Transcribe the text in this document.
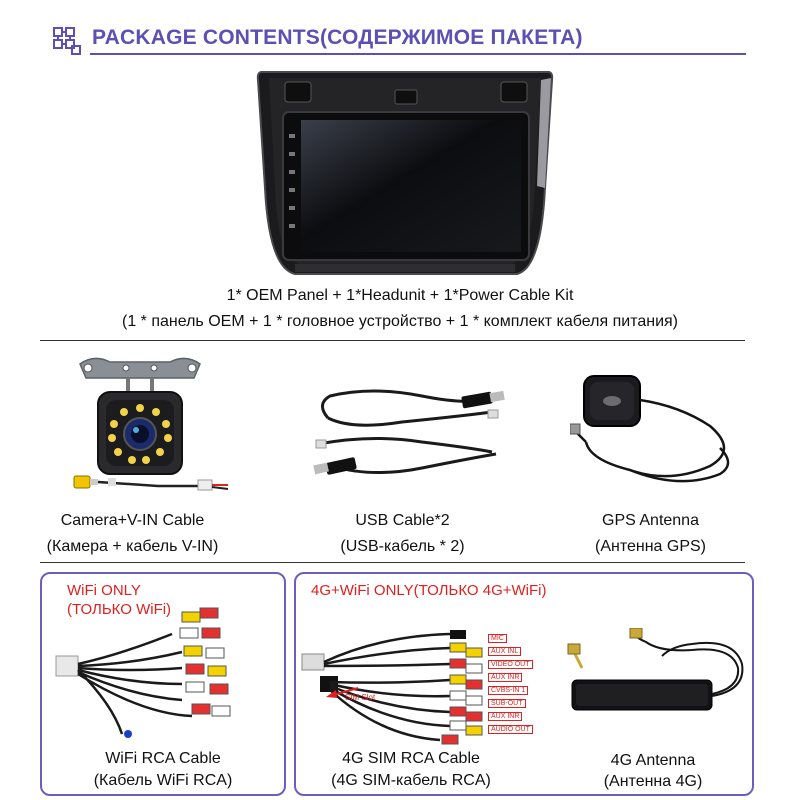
PACKAGE CONTENTS(СОДЕРЖИМОЕ ПАКЕТА)
1* OEM Panel + 1*Headunit + 1*Power Cable Kit
(1 * панель OEM + 1 * головное устройство + 1 * комплект кабеля питания)
Camera+V-IN Cable
(Камера + кабель V-IN)
USB Cable*2
(USB-кабель * 2)
GPS Antenna
(Антенна GPS)
WiFi ONLY
(ТОЛЬКО WiFi)
WiFi RCA Cable
(Кабель WiFi RCA)
4G+WiFi ONLY(ТОЛЬКО 4G+WiFi)
MIC
AUX INL
VIDEO OUT
AUX INR
CVBS-IN 1
SUB-OUT
AUX INR
AUDIO OUT
SIM Slot
4G SIM RCA Cable
(4G SIM-кабель RCA)
4G Antenna
(Антенна 4G)
